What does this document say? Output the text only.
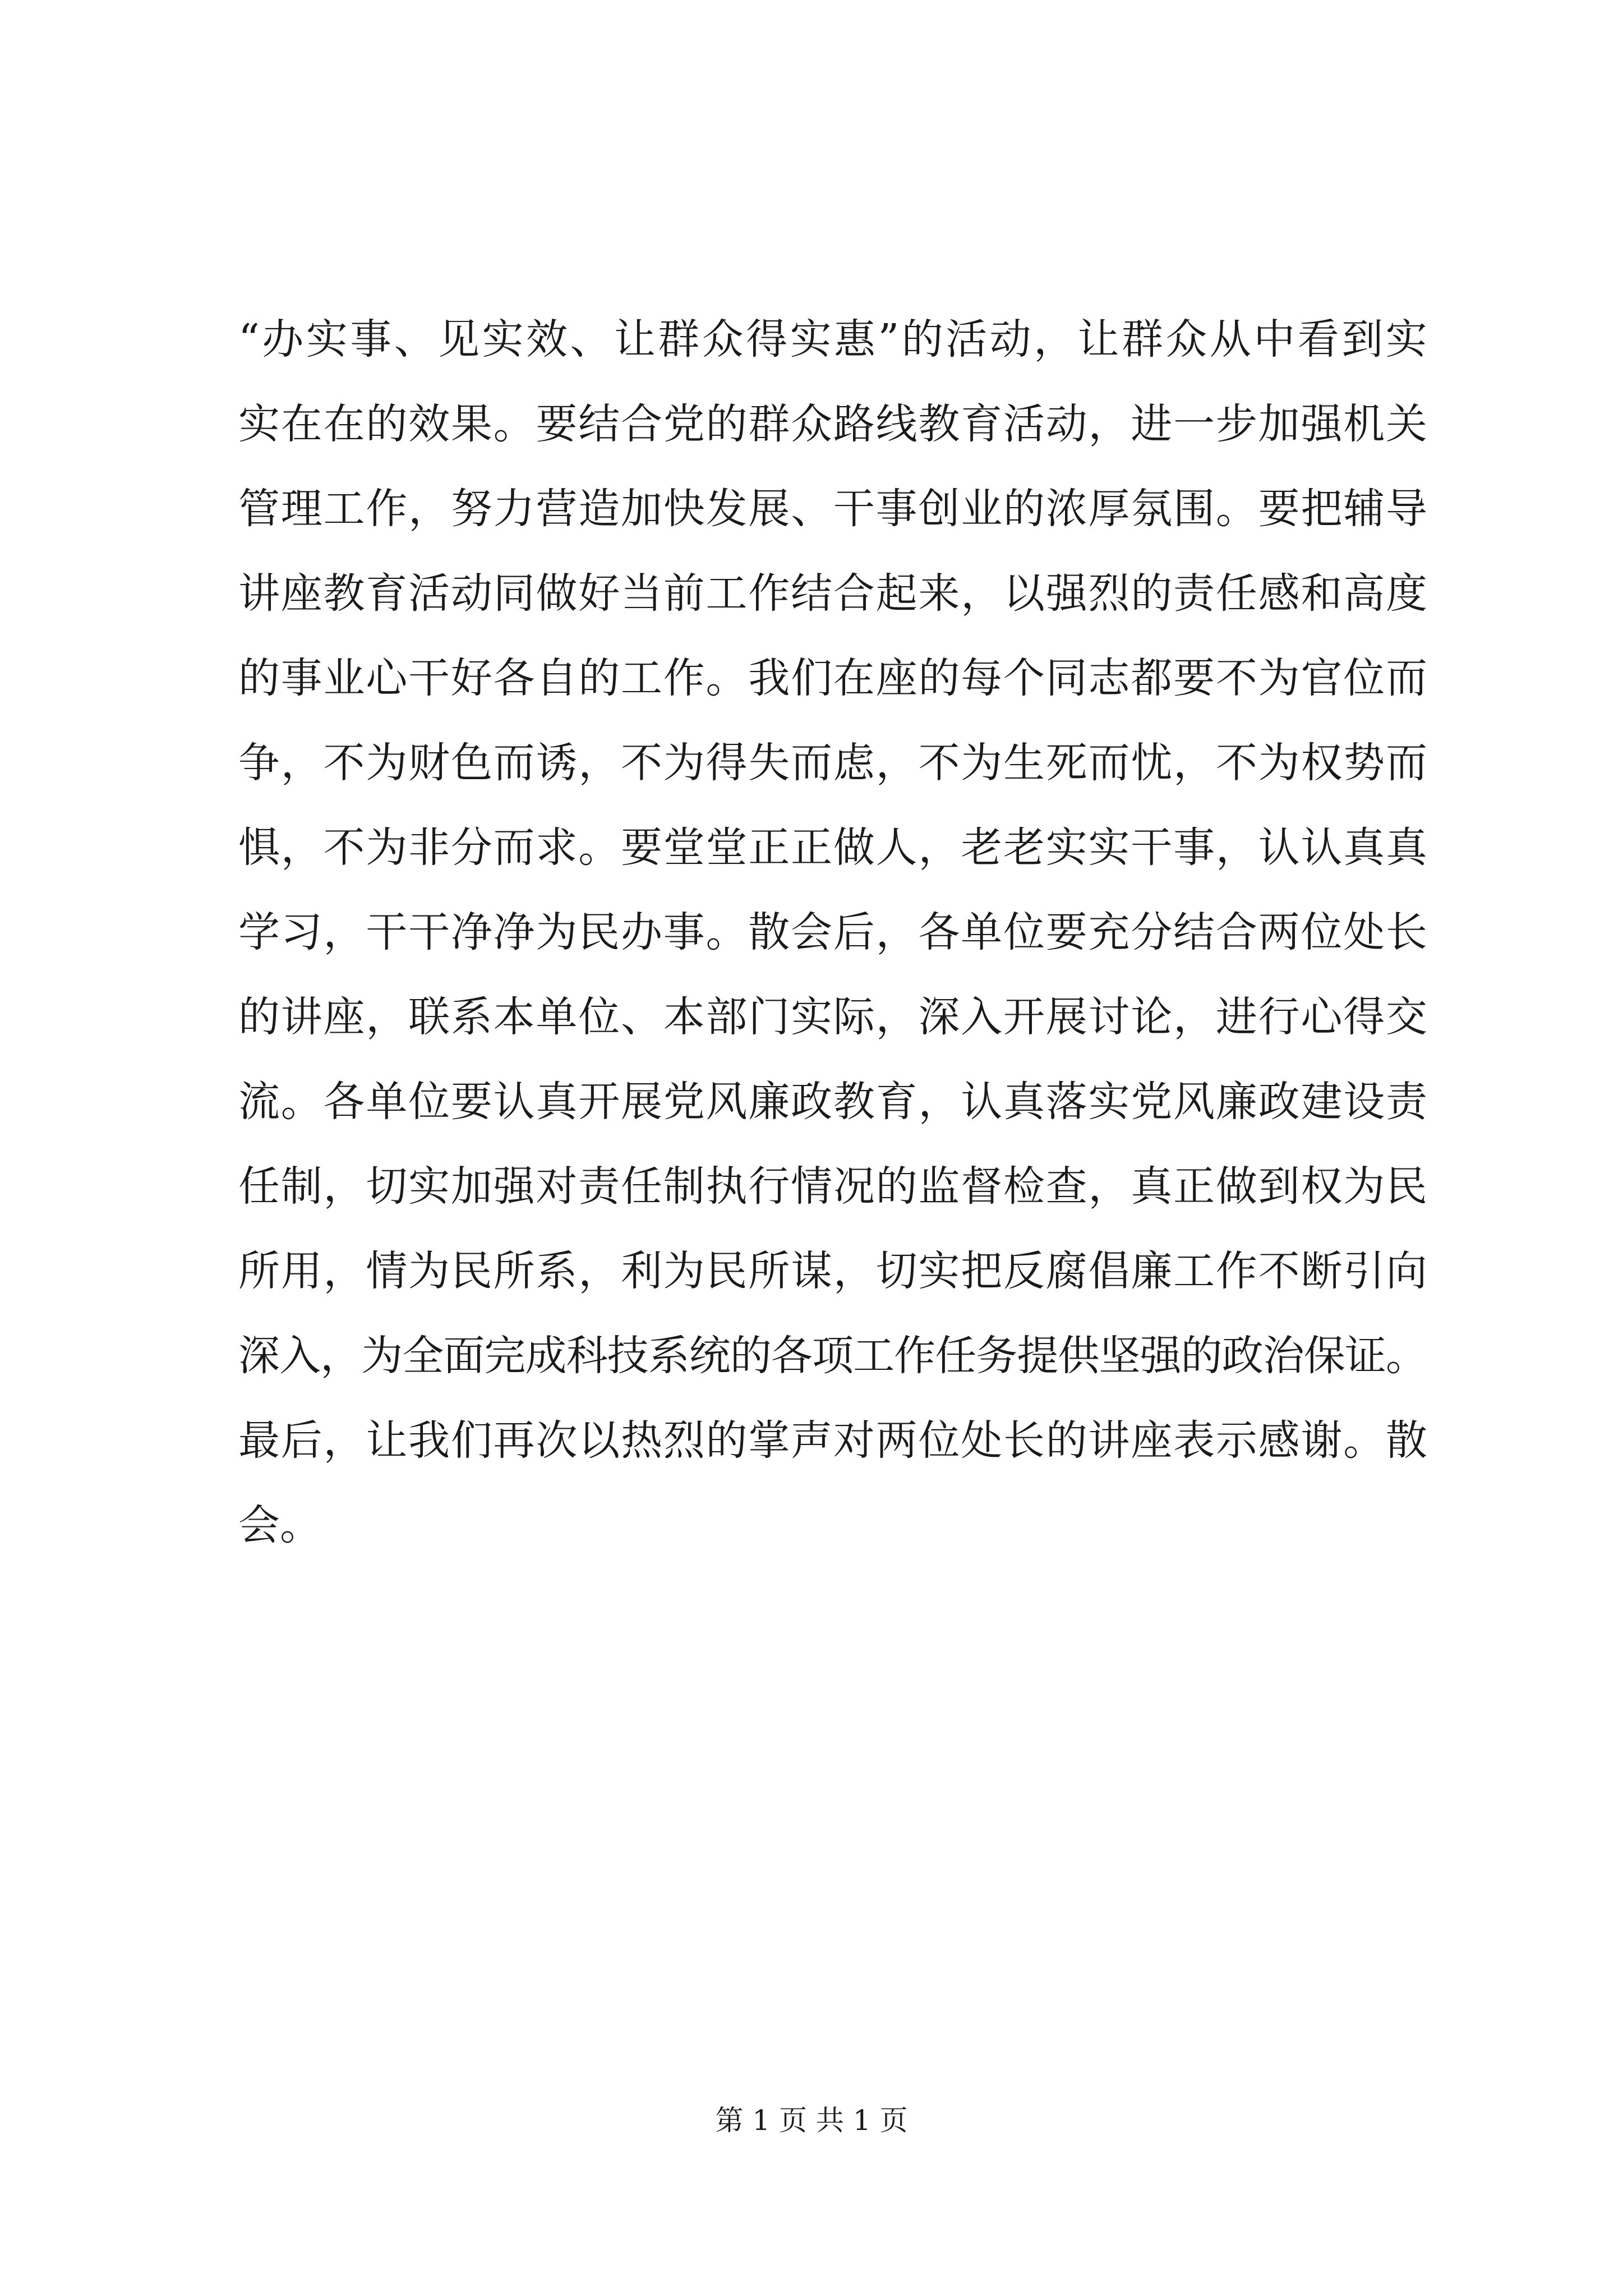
“办实事、见实效、让群众得实惠”的活动，让群众从中看到实
实在在的效果。要结合党的群众路线教育活动，进一步加强机关
管理工作，努力营造加快发展、干事创业的浓厚氛围。要把辅导
讲座教育活动同做好当前工作结合起来，以强烈的责任感和高度
的事业心干好各自的工作。我们在座的每个同志都要不为官位而
争，不为财色而诱，不为得失而虑，不为生死而忧，不为权势而
惧，不为非分而求。要堂堂正正做人，老老实实干事，认认真真
学习，干干净净为民办事。散会后，各单位要充分结合两位处长
的讲座，联系本单位、本部门实际，深入开展讨论，进行心得交
流。各单位要认真开展党风廉政教育，认真落实党风廉政建设责
任制，切实加强对责任制执行情况的监督检查，真正做到权为民
所用，情为民所系，利为民所谋，切实把反腐倡廉工作不断引向
深入，为全面完成科技系统的各项工作任务提供坚强的政治保证。
最后，让我们再次以热烈的掌声对两位处长的讲座表示感谢。散
会。
第 1 页 共 1 页
